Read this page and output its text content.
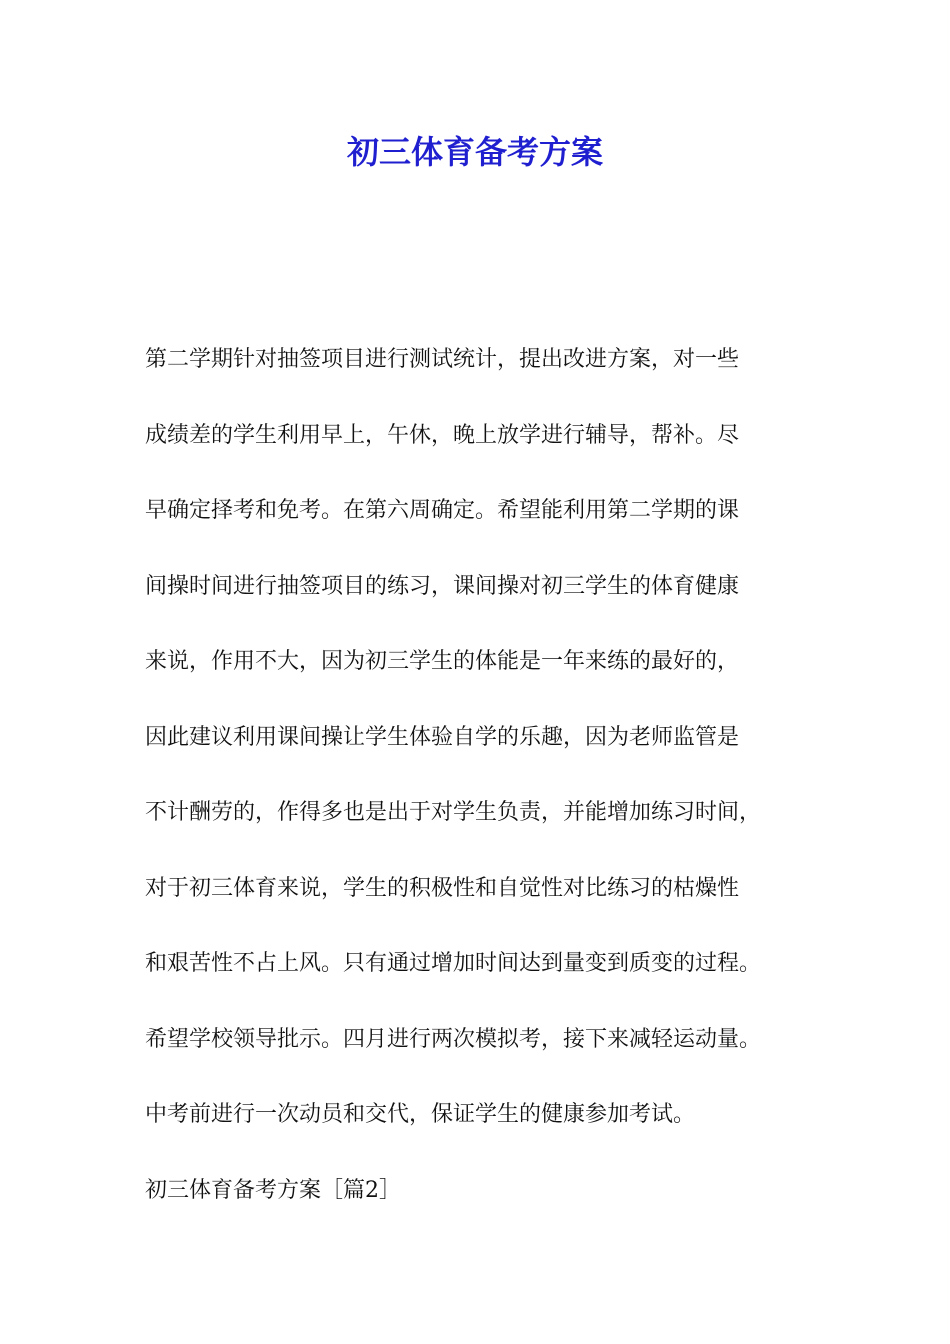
初三体育备考方案
第二学期针对抽签项目进行测试统计，提出改进方案，对一些
成绩差的学生利用早上，午休，晚上放学进行辅导，帮补。尽
早确定择考和免考。在第六周确定。希望能利用第二学期的课
间操时间进行抽签项目的练习，课间操对初三学生的体育健康
来说，作用不大，因为初三学生的体能是一年来练的最好的，
因此建议利用课间操让学生体验自学的乐趣，因为老师监管是
不计酬劳的，作得多也是出于对学生负责，并能增加练习时间，
对于初三体育来说，学生的积极性和自觉性对比练习的枯燥性
和艰苦性不占上风。只有通过增加时间达到量变到质变的过程。
希望学校领导批示。四月进行两次模拟考，接下来减轻运动量。
中考前进行一次动员和交代，保证学生的健康参加考试。
初三体育备考方案［篇2］
